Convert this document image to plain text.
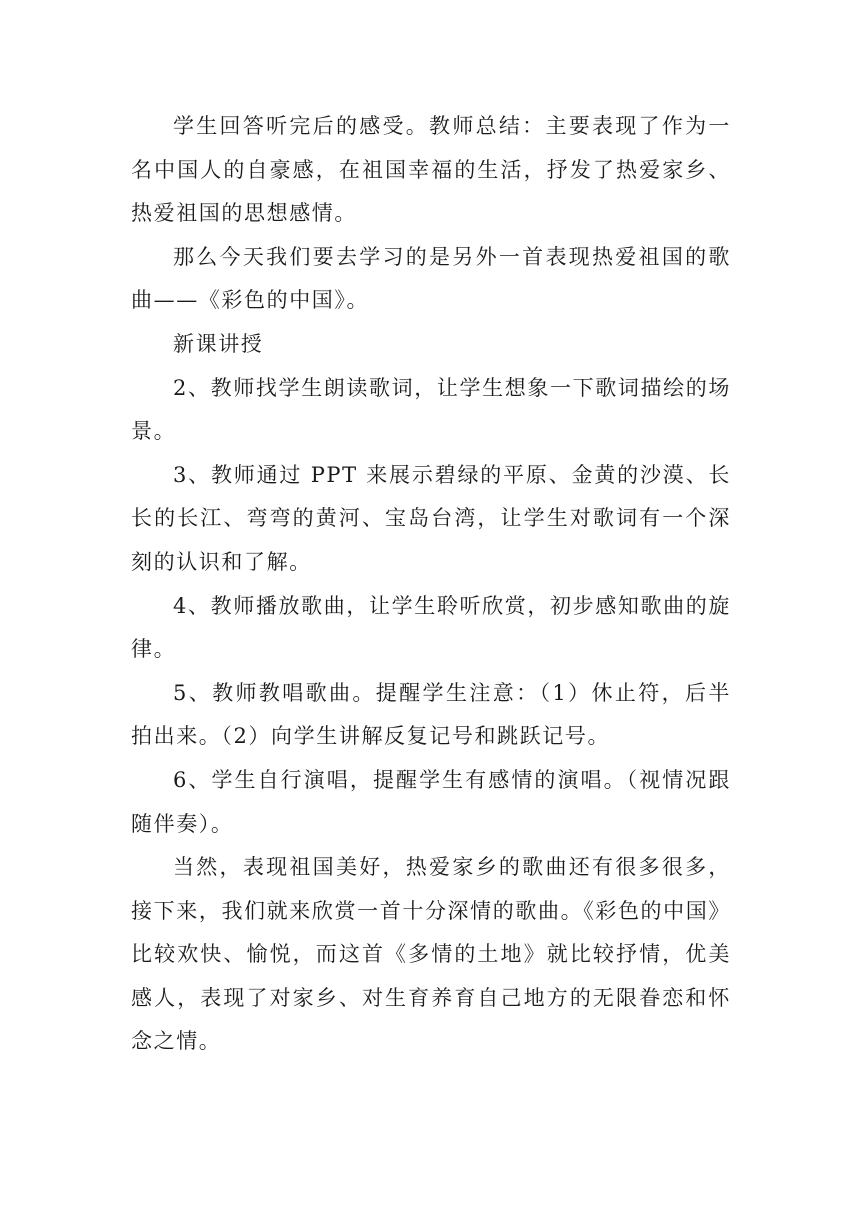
学生回答听完后的感受。教师总结：主要表现了作为一名中国人的自豪感，在祖国幸福的生活，抒发了热爱家乡、热爱祖国的思想感情。

那么今天我们要去学习的是另外一首表现热爱祖国的歌曲——《彩色的中国》。

新课讲授

2、教师找学生朗读歌词，让学生想象一下歌词描绘的场景。

3、教师通过 PPT 来展示碧绿的平原、金黄的沙漠、长长的长江、弯弯的黄河、宝岛台湾，让学生对歌词有一个深刻的认识和了解。

4、教师播放歌曲，让学生聆听欣赏，初步感知歌曲的旋律。

5、教师教唱歌曲。提醒学生注意：（1）休止符，后半拍出来。（2）向学生讲解反复记号和跳跃记号。

6、学生自行演唱，提醒学生有感情的演唱。（视情况跟随伴奏）。

当然，表现祖国美好，热爱家乡的歌曲还有很多很多，接下来，我们就来欣赏一首十分深情的歌曲。《彩色的中国》比较欢快、愉悦，而这首《多情的土地》就比较抒情，优美感人，表现了对家乡、对生育养育自己地方的无限眷恋和怀念之情。
